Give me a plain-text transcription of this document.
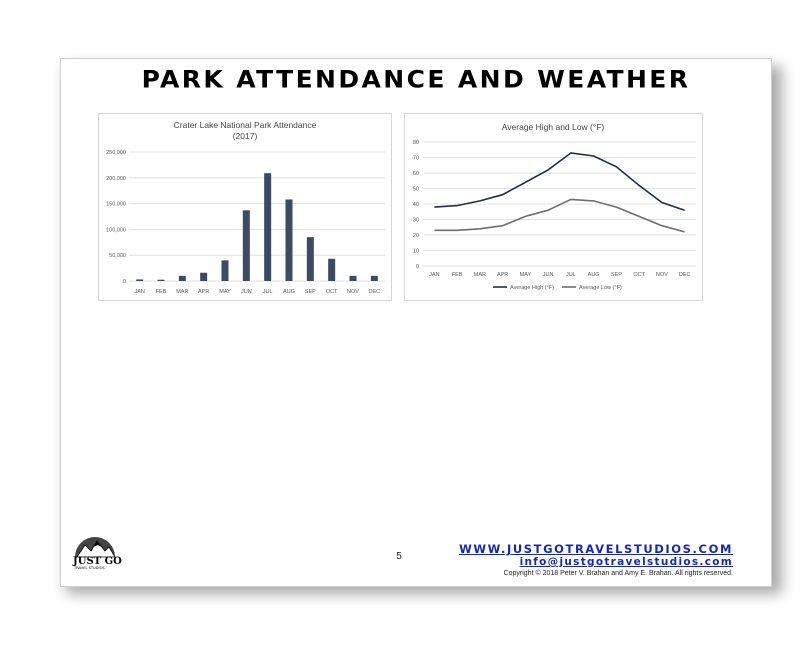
PARK ATTENDANCE AND WEATHER
Crater Lake National Park Attendance
(2017)
0
50,000
100,000
150,000
200,000
250,000
JAN FEB MAR APR MAY JUN JUL AUG SEP OCT NOV DEC
Average High and Low (°F)
0
10
20
30
40
50
60
70
80
JAN FEB MAR APR MAY JUN JUL AUG SEP OCT NOV DEC
Average High (°F)	Average Low (°F)
JUST GO
TRAVEL STUDIOS
5
WWW.JUSTGOTRAVELSTUDIOS.COM
info@justgotravelstudios.com
Copyright © 2018 Peter V. Brahan and Amy E. Brahan. All rights reserved.
